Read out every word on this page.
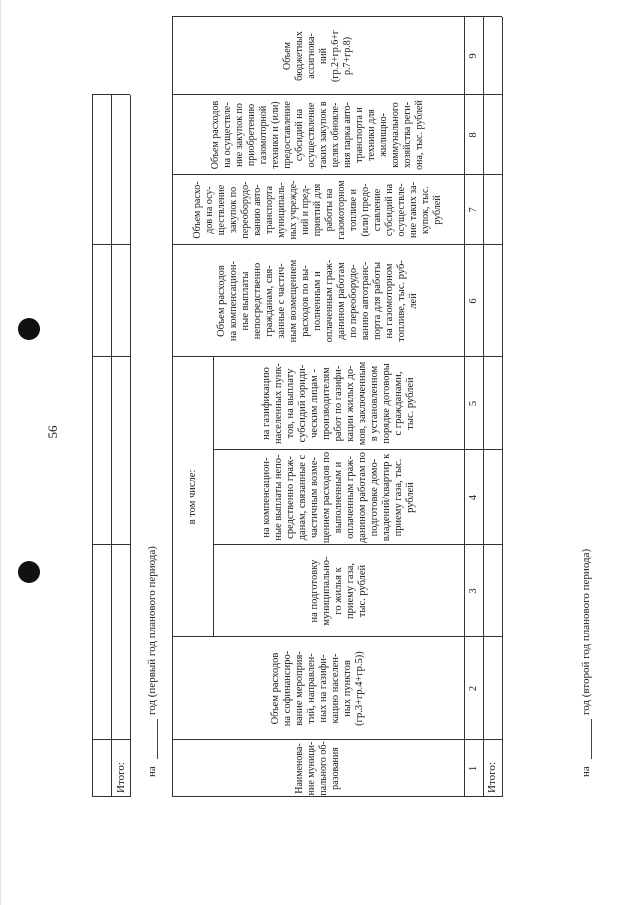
56
Итого: на
год (первый год планового периода)
в том числе:
Наименова-
ние муници-
пального об-
разования
Объем расходов
на софинансиро-
вание мероприя-
тий, направлен-
ных на газифи-
кацию населен-
ных пунктов
(гр.3+гр.4+гр.5))
на подготовку
муниципально-
го жилья к
приему газа,
тыс. рублей
на компенсацион-
ные выплаты непо-
средственно граж-
данам, связанные с
частичным возме-
щением расходов по
выполненным и
оплаченным граж-
данином работам по
подготовке домо-
владений/квартир к
приему газа, тыс.
рублей
на газификацию
населенных пунк-
тов, на выплату
субсидий юриди-
ческим лицам -
производителям
работ по газифи-
кации жилых до-
мов, заключенным
в установленном
порядке договоры
с гражданами,
тыс. рублей
Объем расходов
на компенсацион-
ные выплаты
непосредственно
гражданам, свя-
занные с частич-
ным возмещением
расходов по вы-
полненным и
оплаченным граж-
данином работам
по переоборудо-
ванию автотранс-
порта для работы
на газомоторном
топливе, тыс. руб-
лей
Объем расхо-
дов на осу-
ществление
закупок по
переоборудо-
ванию авто-
транспорта
муниципаль-
ных учрежде-
ний и пред-
приятий для
работы на
газомоторном
топливе и
(или) предо-
ставление
субсидий на
осуществле-
ние таких за-
купок, тыс.
рублей
Объем расходов
на осуществле-
ние закупок по
приобретению
газомоторной
техники и (или)
предоставление
субсидий на
осуществление
таких закупок в
целях обновле-
ния парка авто-
транспорта и
техники для
жилищно-
коммунального
хозяйства реги-
она, тыс. рублей
Объем
бюджетных
ассигнова-
ний
(гр.2+гр.6+г
р.7+гр.8)
1
2
3
4
5
6
7
8
9
Итого:	на
год (второй год планового периода)
